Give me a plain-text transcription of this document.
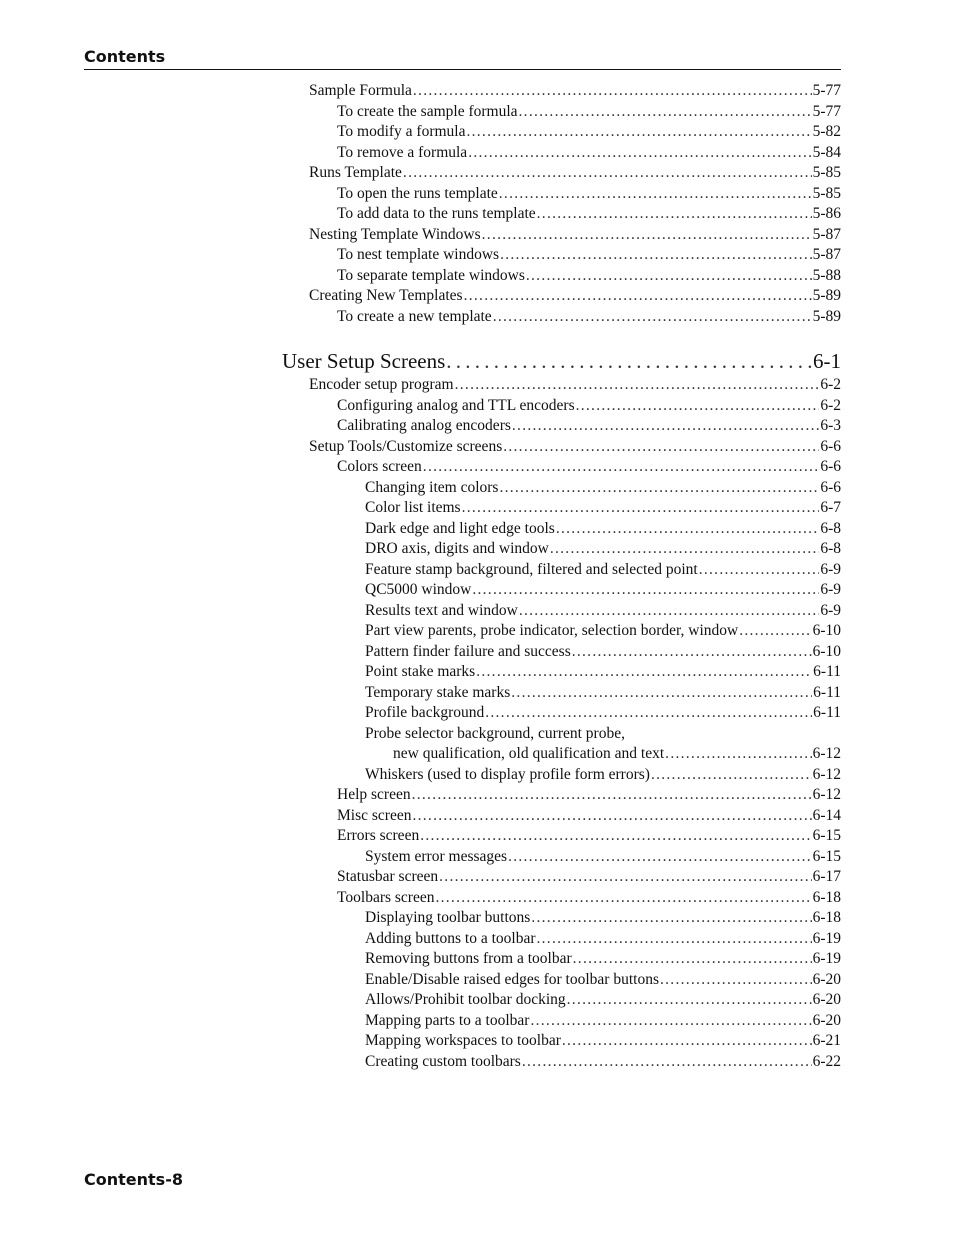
Contents
Sample Formula . . .	5-77
To create the sample formula . . .	5-77
To modify a formula . . .	5-82
To remove a formula . . .	5-84
Runs Template . . .	5-85
To open the runs template . . .	5-85
To add data to the runs template . . .	5-86
Nesting Template Windows . . .	5-87
To nest template windows . . .	5-87
To separate template windows . . .	5-88
Creating New Templates . . .	5-89
To create a new template . . .	5-89
User Setup Screens . . .	6-1
Encoder setup program . . .	6-2
Configuring analog and TTL encoders . . .	6-2
Calibrating analog encoders . . .	6-3
Setup Tools/Customize screens . . .	6-6
Colors screen . . .	6-6
Changing item colors . . .	6-6
Color list items . . .	6-7
Dark edge and light edge tools . . .	6-8
DRO axis, digits and window . . .	6-8
Feature stamp background, filtered and selected point . . .	6-9
QC5000 window . . .	6-9
Results text and window . . .	6-9
Part view parents, probe indicator, selection border, window . . .	6-10
Pattern finder failure and success . . .	6-10
Point stake marks . . .	6-11
Temporary stake marks . . .	6-11
Profile background . . .	6-11
Probe selector background, current probe,
new qualification, old qualification and text . . .	6-12
Whiskers (used to display profile form errors) . . .	6-12
Help screen . . .	6-12
Misc screen . . .	6-14
Errors screen . . .	6-15
System error messages . . .	6-15
Statusbar screen . . .	6-17
Toolbars screen . . .	6-18
Displaying toolbar buttons . . .	6-18
Adding buttons to a toolbar . . .	6-19
Removing buttons from a toolbar . . .	6-19
Enable/Disable raised edges for toolbar buttons . . .	6-20
Allows/Prohibit toolbar docking . . .	6-20
Mapping parts to a toolbar . . .	6-20
Mapping workspaces to toolbar . . .	6-21
Creating custom toolbars . . .	6-22
Contents-8
